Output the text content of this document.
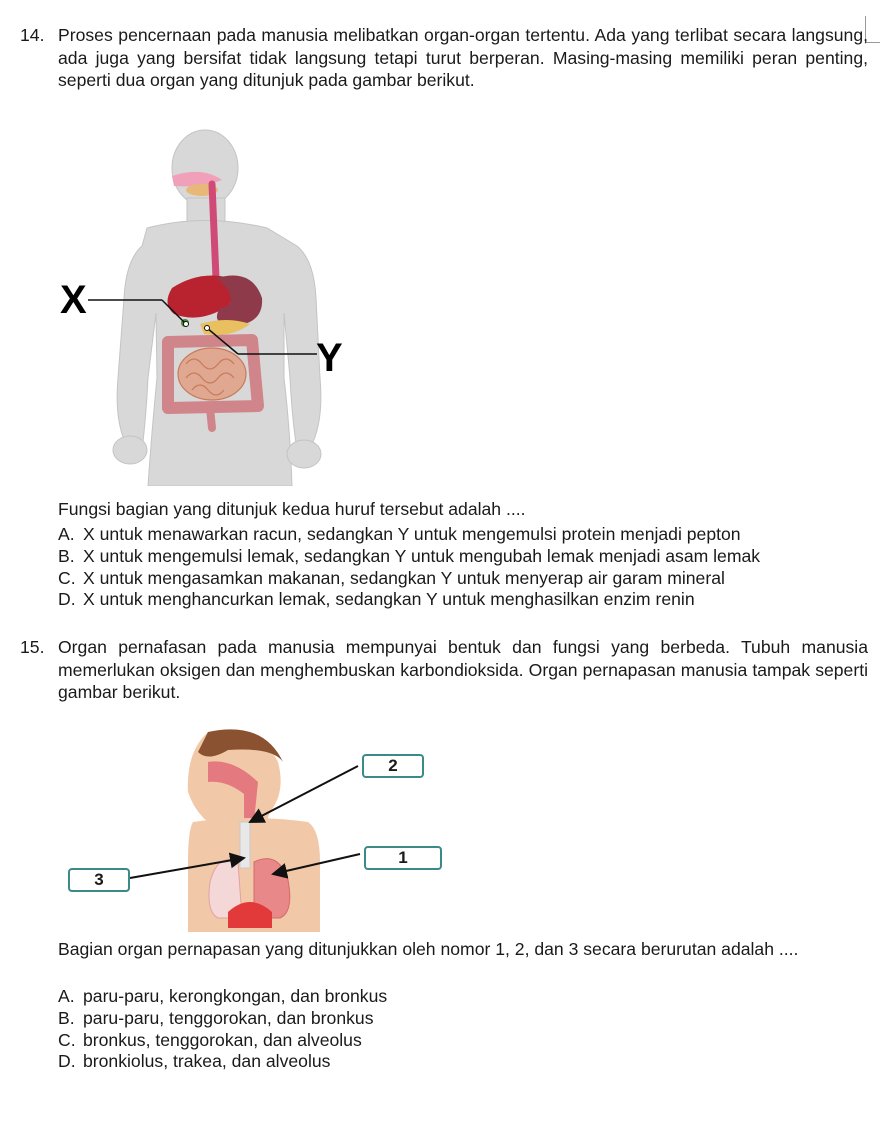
14. Proses pencernaan pada manusia melibatkan organ-organ tertentu. Ada yang terlibat secara langsung, ada juga yang bersifat tidak langsung tetapi turut berperan. Masing-masing memiliki peran penting, seperti dua organ yang ditunjuk pada gambar berikut.
X
Y
Fungsi bagian yang ditunjuk kedua huruf tersebut adalah ....
A. X untuk menawarkan racun, sedangkan Y untuk mengemulsi protein menjadi pepton
B. X untuk mengemulsi lemak, sedangkan Y untuk mengubah lemak menjadi asam lemak
C. X untuk mengasamkan makanan, sedangkan Y untuk menyerap air garam mineral
D. X untuk menghancurkan lemak, sedangkan Y untuk menghasilkan enzim renin
15. Organ pernafasan pada manusia mempunyai bentuk dan fungsi yang berbeda. Tubuh manusia memerlukan oksigen dan menghembuskan karbondioksida. Organ pernapasan manusia tampak seperti gambar berikut.
2
1
3
Bagian organ pernapasan yang ditunjukkan oleh nomor 1, 2, dan 3 secara berurutan adalah ....
A. paru-paru, kerongkongan, dan bronkus
B. paru-paru, tenggorokan, dan bronkus
C. bronkus, tenggorokan, dan alveolus
D. bronkiolus, trakea, dan alveolus
